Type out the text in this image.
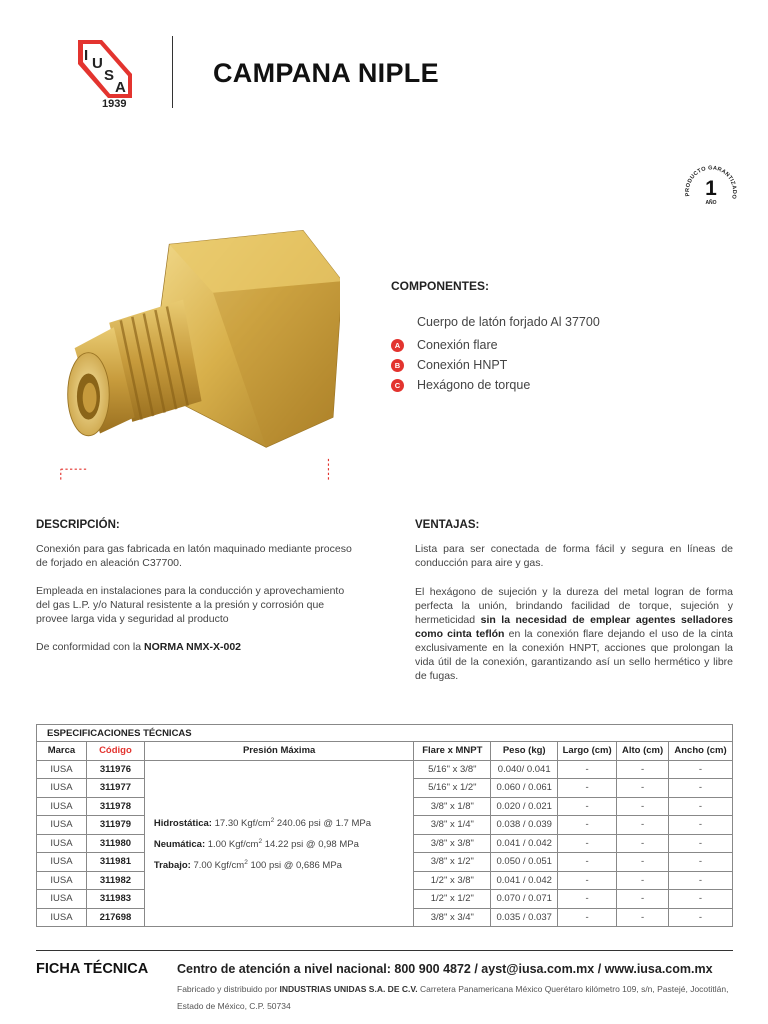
I U
S
A
1939
CAMPANA NIPLE
PRODUCTO GARANTIZADO
1
AÑO
COMPONENTES:
Cuerpo de latón forjado Al 37700
A	Conexión flare
B	Conexión HNPT
C	Hexágono de torque
DESCRIPCIÓN:

Conexión para gas fabricada en latón maquinado mediante proceso de forjado en aleación C37700.

Empleada en instalaciones para la conducción y aprovechamiento del gas L.P. y/o Natural resistente a la presión y corrosión que provee larga vida y seguridad al producto

De conformidad con la NORMA NMX-X-002

VENTAJAS:

Lista para ser conectada de forma fácil y segura en líneas de conducción para aire y gas.

El hexágono de sujeción y la dureza del metal logran de forma perfecta la unión, brindando facilidad de torque, sujeción y hermeticidad sin la necesidad de emplear agentes selladores como cinta teflón en la conexión flare dejando el uso de la cinta exclusivamente en la conexión HNPT, acciones que prolongan la vida útil de la conexión, garantizando así un sello hermético y libre de fugas.

ESPECIFICACIONES TÉCNICAS							
Marca	Código	Presión Máxima	Flare x MNPT	Peso (kg)	Largo (cm)	Alto (cm)	Ancho (cm)
IUSA	311976	Hidrostática: 17.30 Kgf/$cm^2$ 240.06 psi @ 1.7 MPa
Neumática: 1.00 Kgf/$cm^2$ 14.22 psi @ 0,98 MPa
Trabajo: 7.00 Kgf/$cm^2$ 100 psi @ 0,686 MPa	5/16" x 3/8"	0.040/ 0.041	-	-	-
IUSA	311977		5/16" x 1/2"	0.060 / 0.061	-	-	-
IUSA	311978		3/8" x 1/8"	0.020 / 0.021	-	-	-
IUSA	311979		3/8" x 1/4"	0.038 / 0.039	-	-	-
IUSA	311980		3/8" x 3/8"	0.041 / 0.042	-	-	-
IUSA	311981		3/8" x 1/2"	0.050 / 0.051	-	-	-
IUSA	311982		1/2" x 3/8"	0.041 / 0.042	-	-	-
IUSA	311983		1/2" x 1/2"	0.070 / 0.071	-	-	-
IUSA	217698		3/8" x 3/4"	0.035 / 0.037	-	-	-
FICHA TÉCNICA Centro de atención a nivel nacional: 800 900 4872 / ayst@iusa.com.mx / www.iusa.com.mx
Fabricado y distribuido por INDUSTRIAS UNIDAS S.A. DE C.V. Carretera Panamericana México Querétaro kilómetro 109, s/n, Pastejé, Jocotitlán, Estado de México, C.P. 50734
